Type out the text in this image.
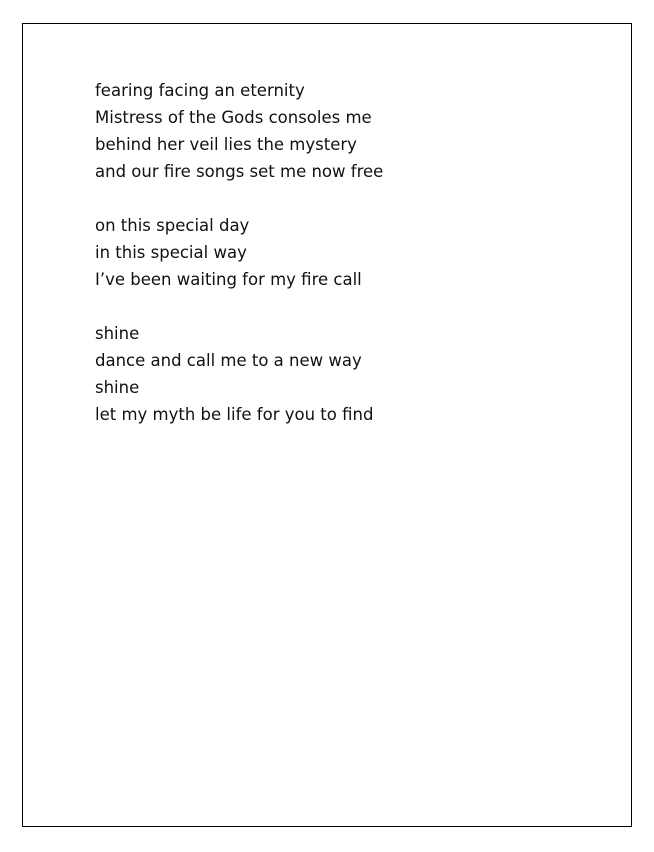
fearing facing an eternity
Mistress of the Gods consoles me
behind her veil lies the mystery
and our fire songs set me now free
on this special day
in this special way
I’ve been waiting for my fire call
shine
dance and call me to a new way
shine
let my myth be life for you to find
